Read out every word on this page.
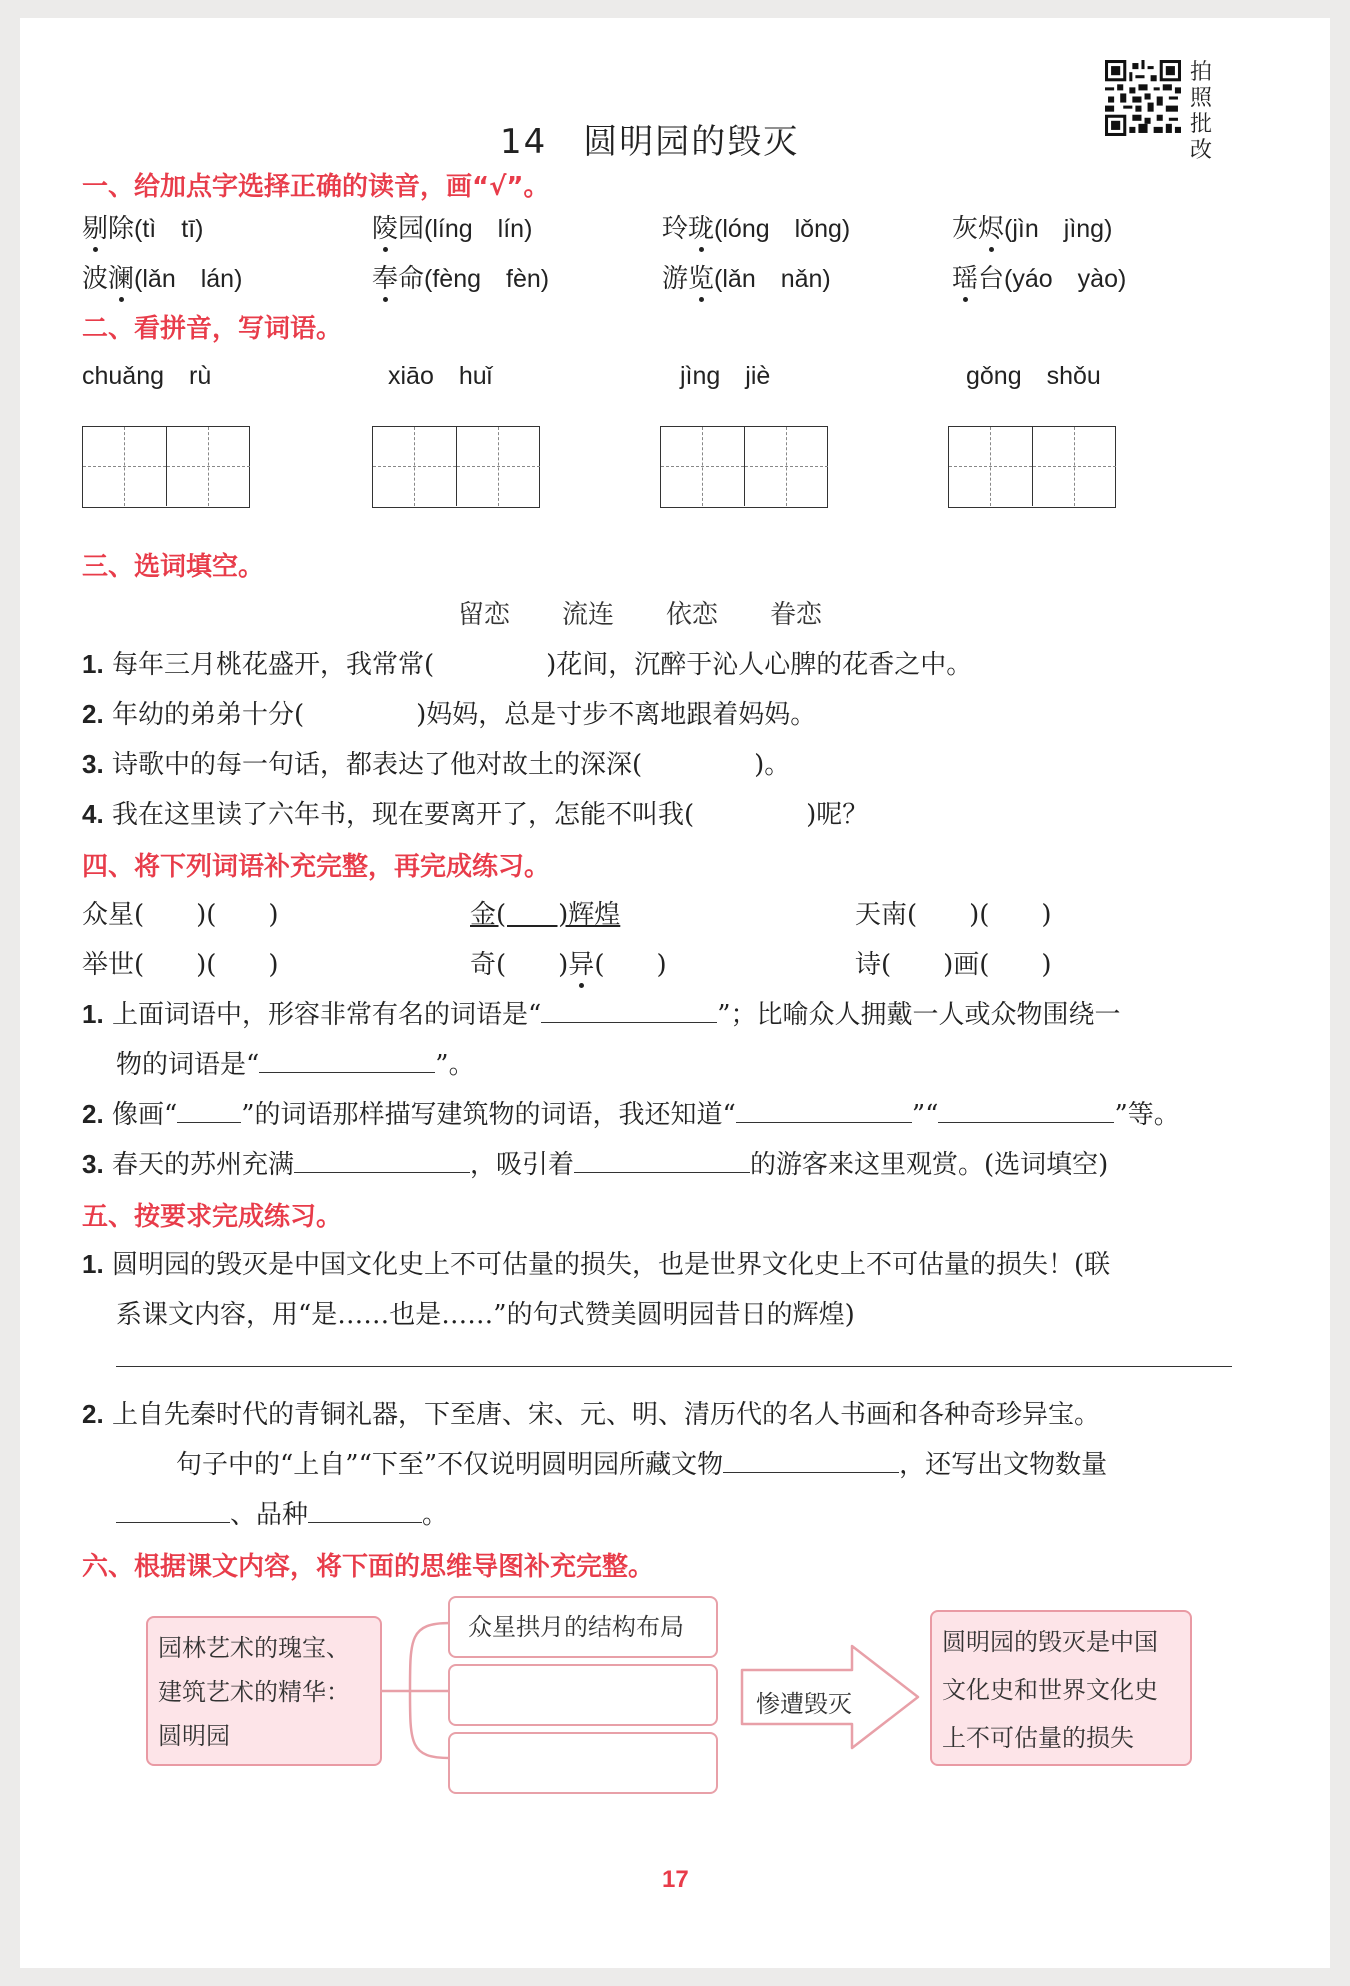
14　圆明园的毁灭
拍照批改
一、给加点字选择正确的读音，画“√”。
剔除(tì　tī)	陵园(líng　lín)	玲珑(lóng　lǒng)	灰烬(jìn　jìng)
波澜(lǎn　lán)	奉命(fèng　fèn)	游览(lǎn　nǎn)	瑶台(yáo　yào)
二、看拼音，写词语。
chuǎng　rù	xiāo　huǐ	jìng　jiè	gǒng　shǒu
三、选词填空。
留恋　　流连　　依恋　　眷恋
1. 每年三月桃花盛开，我常常(	)花间，沉醉于沁人心脾的花香之中。
2. 年幼的弟弟十分(	)妈妈，总是寸步不离地跟着妈妈。
3. 诗歌中的每一句话，都表达了他对故土的深深(	)。
4. 我在这里读了六年书，现在要离开了，怎能不叫我(	)呢？
四、将下列词语补充完整，再完成练习。
众星(　　)(　　)	金(　　)辉煌	天南(　　)(　　)
举世(　　)(　　)	奇(　　)异(　　)	诗(　　)画(　　)
1. 上面词语中，形容非常有名的词语是“	”；比喻众人拥戴一人或众物围绕一
物的词语是“	”。
2. 像画“ ”的词语那样描写建筑物的词语，我还知道“	”“	”等。
3. 春天的苏州充满	，吸引着	的游客来这里观赏。(选词填空)
五、按要求完成练习。
1. 圆明园的毁灭是中国文化史上不可估量的损失，也是世界文化史上不可估量的损失！(联
系课文内容，用“是……也是……”的句式赞美圆明园昔日的辉煌)
2. 上自先秦时代的青铜礼器，下至唐、宋、元、明、清历代的名人书画和各种奇珍异宝。
句子中的“上自”“下至”不仅说明圆明园所藏文物	，还写出文物数量
、品种	。
六、根据课文内容，将下面的思维导图补充完整。
园林艺术的瑰宝、
建筑艺术的精华：
圆明园
众星拱月的结构布局
惨遭毁灭
圆明园的毁灭是中国
文化史和世界文化史
上不可估量的损失
17
